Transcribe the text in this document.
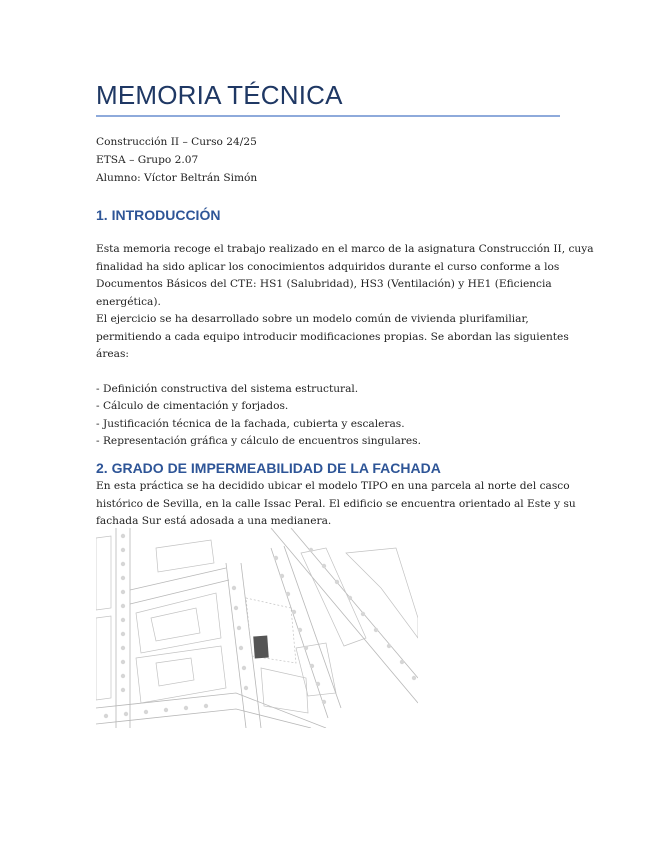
MEMORIA TÉCNICA
Construcción II – Curso 24/25
ETSA – Grupo 2.07
Alumno: Víctor Beltrán Simón
1. INTRODUCCIÓN
Esta memoria recoge el trabajo realizado en el marco de la asignatura Construcción II, cuya
finalidad ha sido aplicar los conocimientos adquiridos durante el curso conforme a los
Documentos Básicos del CTE: HS1 (Salubridad), HS3 (Ventilación) y HE1 (Eficiencia
energética).
El ejercicio se ha desarrollado sobre un modelo común de vivienda plurifamiliar,
permitiendo a cada equipo introducir modificaciones propias. Se abordan las siguientes
áreas:
- Definición constructiva del sistema estructural.
- Cálculo de cimentación y forjados.
- Justificación técnica de la fachada, cubierta y escaleras.
- Representación gráfica y cálculo de encuentros singulares.
2. GRADO DE IMPERMEABILIDAD DE LA FACHADA
En esta práctica se ha decidido ubicar el modelo TIPO en una parcela al norte del casco
histórico de Sevilla, en la calle Issac Peral. El edificio se encuentra orientado al Este y su
fachada Sur está adosada a una medianera.
